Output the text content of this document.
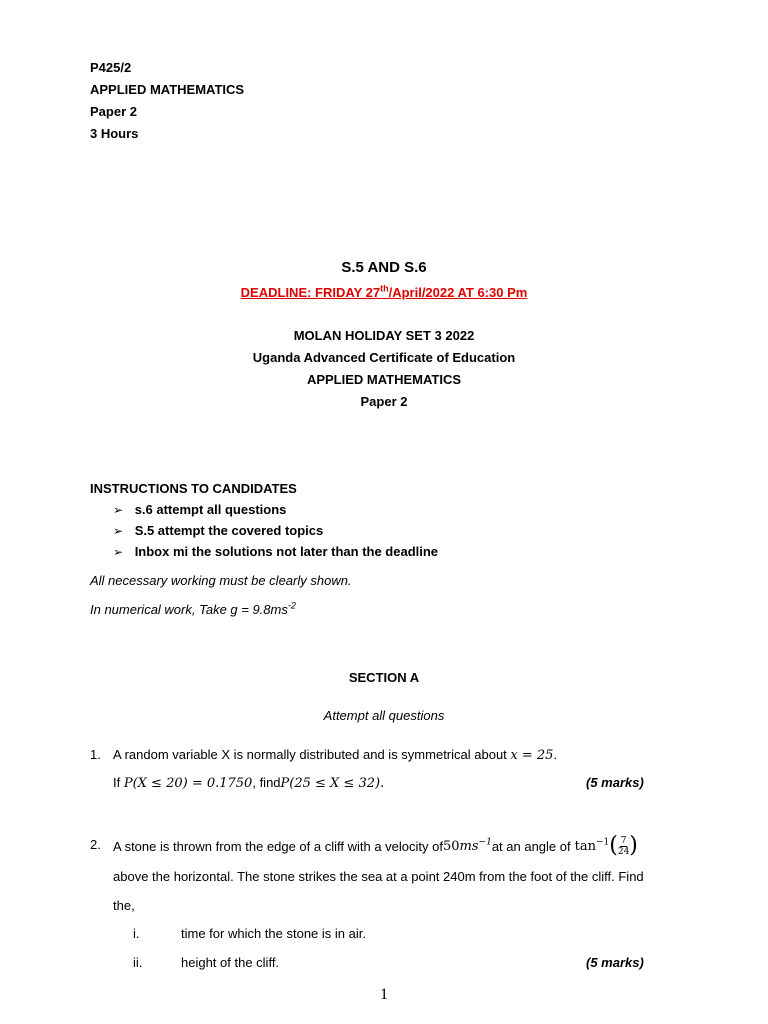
P425/2
APPLIED MATHEMATICS
Paper 2
3 Hours
S.5 AND S.6
DEADLINE: FRIDAY 27th/April/2022 AT 6:30 Pm
MOLAN HOLIDAY SET 3 2022
Uganda Advanced Certificate of Education
APPLIED MATHEMATICS
Paper 2
INSTRUCTIONS TO CANDIDATES
➢ s.6 attempt all questions
➢ S.5 attempt the covered topics
➢ Inbox mi the solutions not later than the deadline
All necessary working must be clearly shown.
In numerical work, Take $g = 9.8ms^{-2}$
SECTION A
Attempt all questions
1. A random variable X is normally distributed and is symmetrical about x = 25.
If P(X ≤ 20) = 0.1750, findP(25 ≤ X ≤ 32).	(5 marks)
2. A stone is thrown from the edge of a cliff with a velocity of $50ms^{-1}$ at an angle of $\tan^{-1}$ ( $\frac{7}{24}$ )
above the horizontal. The stone strikes the sea at a point 240m from the foot of the cliff. Find
the,
i.	time for which the stone is in air.
ii.	height of the cliff.	(5 marks)
1
